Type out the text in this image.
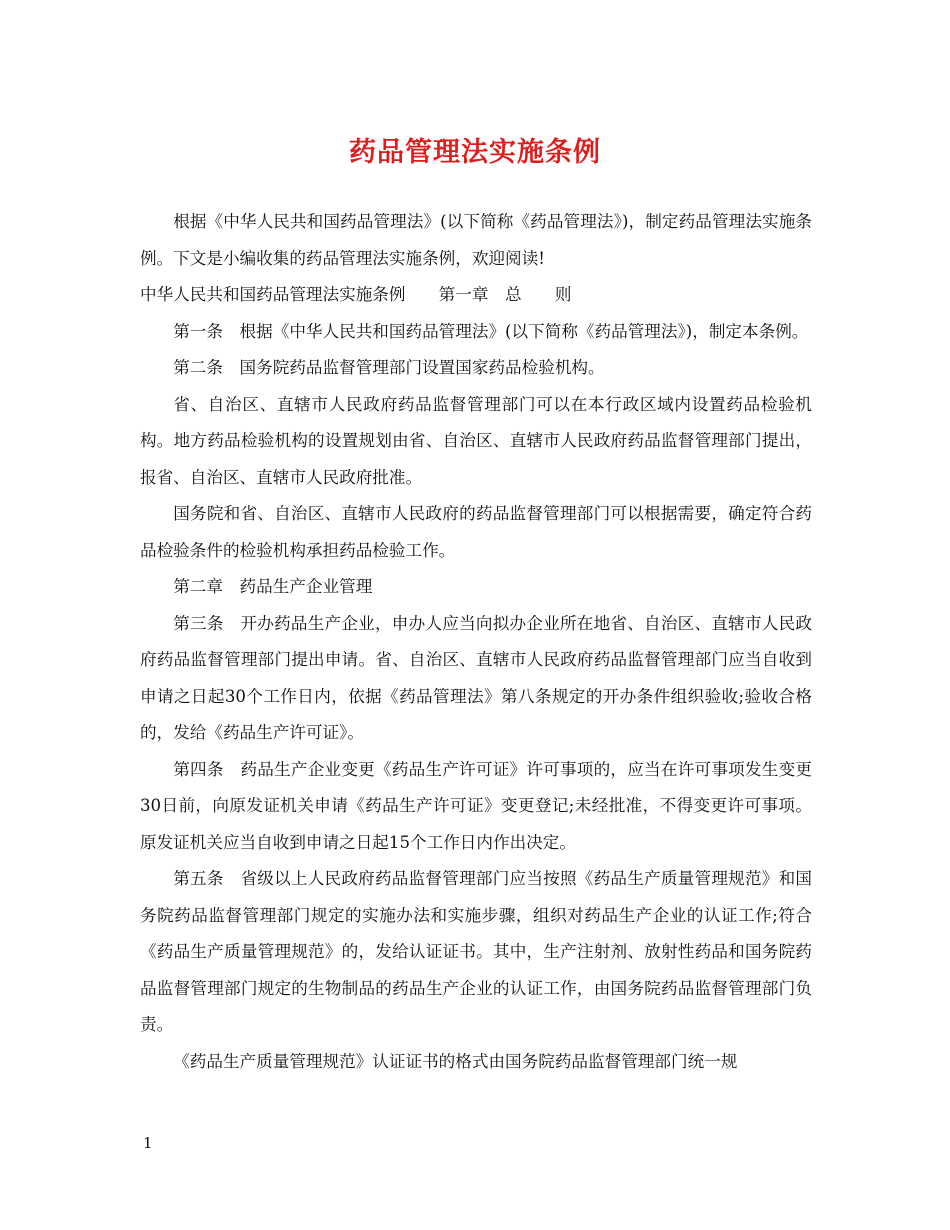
药品管理法实施条例

根据《中华人民共和国药品管理法》(以下简称《药品管理法》)，制定药品管理法实施条例。下文是小编收集的药品管理法实施条例，欢迎阅读!

中华人民共和国药品管理法实施条例　　第一章　总　　则

第一条　根据《中华人民共和国药品管理法》(以下简称《药品管理法》)，制定本条例。

第二条　国务院药品监督管理部门设置国家药品检验机构。

省、自治区、直辖市人民政府药品监督管理部门可以在本行政区域内设置药品检验机构。地方药品检验机构的设置规划由省、自治区、直辖市人民政府药品监督管理部门提出，报省、自治区、直辖市人民政府批准。

国务院和省、自治区、直辖市人民政府的药品监督管理部门可以根据需要，确定符合药品检验条件的检验机构承担药品检验工作。

第二章　药品生产企业管理

第三条　开办药品生产企业，申办人应当向拟办企业所在地省、自治区、直辖市人民政府药品监督管理部门提出申请。省、自治区、直辖市人民政府药品监督管理部门应当自收到申请之日起30个工作日内，依据《药品管理法》第八条规定的开办条件组织验收;验收合格的，发给《药品生产许可证》。

第四条　药品生产企业变更《药品生产许可证》许可事项的，应当在许可事项发生变更30日前，向原发证机关申请《药品生产许可证》变更登记;未经批准，不得变更许可事项。原发证机关应当自收到申请之日起15个工作日内作出决定。

第五条　省级以上人民政府药品监督管理部门应当按照《药品生产质量管理规范》和国务院药品监督管理部门规定的实施办法和实施步骤，组织对药品生产企业的认证工作;符合《药品生产质量管理规范》的，发给认证证书。其中，生产注射剂、放射性药品和国务院药品监督管理部门规定的生物制品的药品生产企业的认证工作，由国务院药品监督管理部门负责。

《药品生产质量管理规范》认证证书的格式由国务院药品监督管理部门统一规

1
